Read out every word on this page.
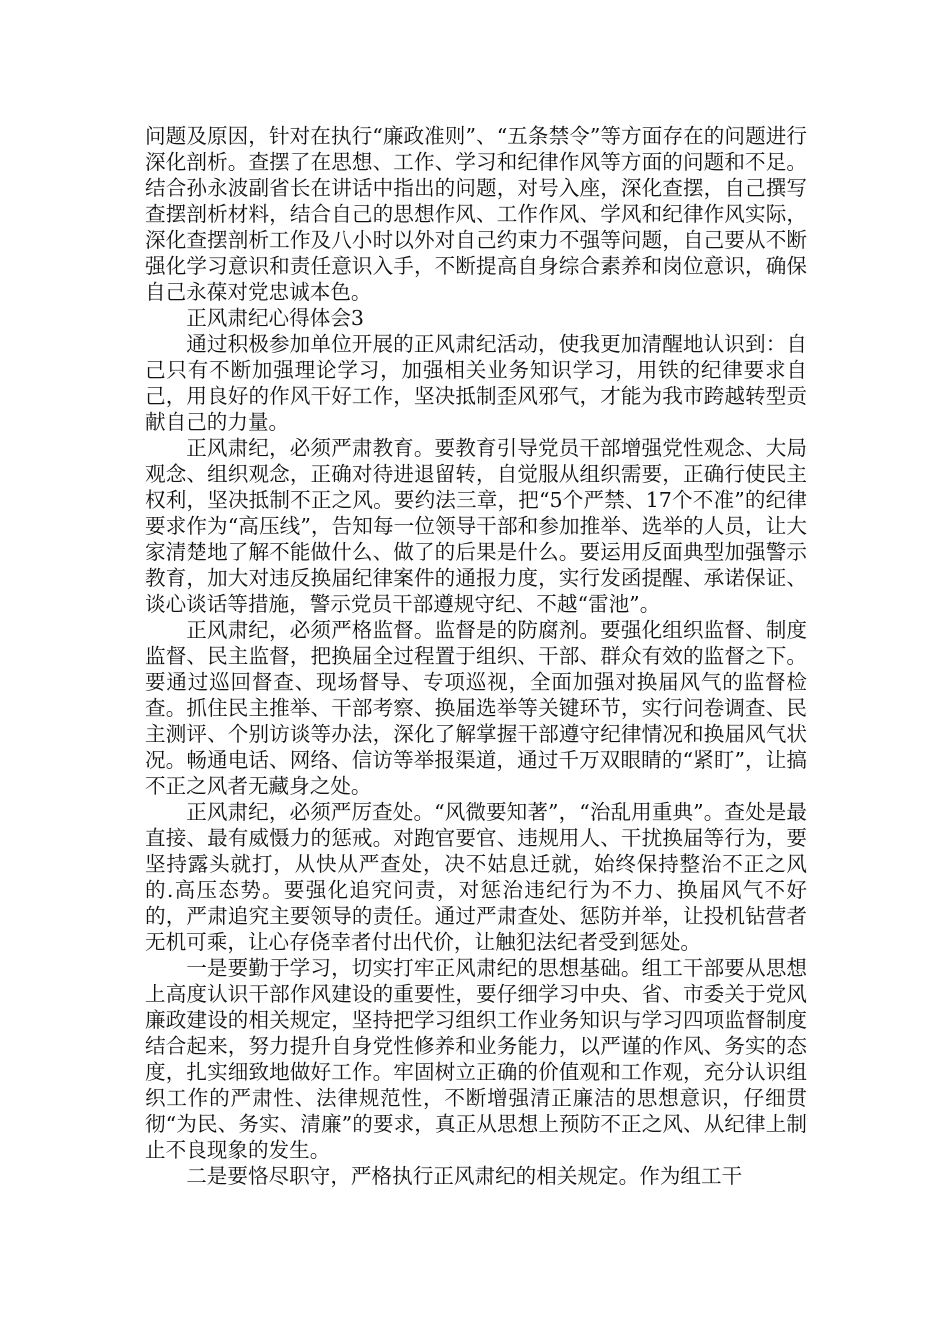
问题及原因，针对在执行“廉政准则”、“五条禁令”等方面存在的问题进行深化剖析。查摆了在思想、工作、学习和纪律作风等方面的问题和不足。结合孙永波副省长在讲话中指出的问题，对号入座，深化查摆，自己撰写查摆剖析材料，结合自己的思想作风、工作作风、学风和纪律作风实际，深化查摆剖析工作及八小时以外对自己约束力不强等问题，自己要从不断强化学习意识和责任意识入手，不断提高自身综合素养和岗位意识，确保自己永葆对党忠诚本色。

正风肃纪心得体会3

通过积极参加单位开展的正风肃纪活动，使我更加清醒地认识到：自己只有不断加强理论学习，加强相关业务知识学习，用铁的纪律要求自己，用良好的作风干好工作，坚决抵制歪风邪气，才能为我市跨越转型贡献自己的力量。

正风肃纪，必须严肃教育。要教育引导党员干部增强党性观念、大局观念、组织观念，正确对待进退留转，自觉服从组织需要，正确行使民主权利，坚决抵制不正之风。要约法三章，把“5个严禁、17个不准”的纪律要求作为“高压线”，告知每一位领导干部和参加推举、选举的人员，让大家清楚地了解不能做什么、做了的后果是什么。要运用反面典型加强警示教育，加大对违反换届纪律案件的通报力度，实行发函提醒、承诺保证、谈心谈话等措施，警示党员干部遵规守纪、不越“雷池”。

正风肃纪，必须严格监督。监督是的防腐剂。要强化组织监督、制度监督、民主监督，把换届全过程置于组织、干部、群众有效的监督之下。要通过巡回督查、现场督导、专项巡视，全面加强对换届风气的监督检查。抓住民主推举、干部考察、换届选举等关键环节，实行问卷调查、民主测评、个别访谈等办法，深化了解掌握干部遵守纪律情况和换届风气状况。畅通电话、网络、信访等举报渠道，通过千万双眼睛的“紧盯”，让搞不正之风者无藏身之处。

正风肃纪，必须严厉查处。“风微要知著”，“治乱用重典”。查处是最直接、最有威慑力的惩戒。对跑官要官、违规用人、干扰换届等行为，要坚持露头就打，从快从严查处，决不姑息迁就，始终保持整治不正之风的.高压态势。要强化追究问责，对惩治违纪行为不力、换届风气不好的，严肃追究主要领导的责任。通过严肃查处、惩防并举，让投机钻营者无机可乘，让心存侥幸者付出代价，让触犯法纪者受到惩处。

一是要勤于学习，切实打牢正风肃纪的思想基础。组工干部要从思想上高度认识干部作风建设的重要性，要仔细学习中央、省、市委关于党风廉政建设的相关规定，坚持把学习组织工作业务知识与学习四项监督制度结合起来，努力提升自身党性修养和业务能力，以严谨的作风、务实的态度，扎实细致地做好工作。牢固树立正确的价值观和工作观，充分认识组织工作的严肃性、法律规范性，不断增强清正廉洁的思想意识，仔细贯彻“为民、务实、清廉”的要求，真正从思想上预防不正之风、从纪律上制止不良现象的发生。

二是要恪尽职守，严格执行正风肃纪的相关规定。作为组工干
